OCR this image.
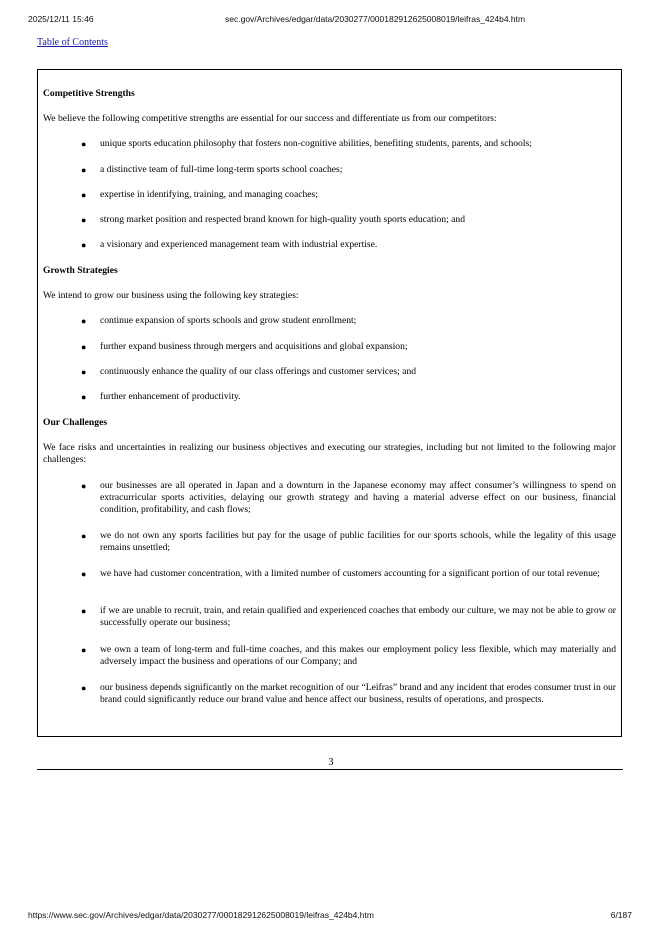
2025/12/11 15:46	sec.gov/Archives/edgar/data/2030277/000182912625008019/leifras_424b4.htm
Table of Contents
Competitive Strengths
We believe the following competitive strengths are essential for our success and differentiate us from our competitors:
● unique sports education philosophy that fosters non-cognitive abilities, benefiting students, parents, and schools;
● a distinctive team of full-time long-term sports school coaches;
● expertise in identifying, training, and managing coaches;
● strong market position and respected brand known for high-quality youth sports education; and
● a visionary and experienced management team with industrial expertise.
Growth Strategies
We intend to grow our business using the following key strategies:
● continue expansion of sports schools and grow student enrollment;
● further expand business through mergers and acquisitions and global expansion;
● continuously enhance the quality of our class offerings and customer services; and
● further enhancement of productivity.
Our Challenges
We face risks and uncertainties in realizing our business objectives and executing our strategies, including but not limited to the following major challenges:
● our businesses are all operated in Japan and a downturn in the Japanese economy may affect consumer’s willingness to spend on extracurricular sports activities, delaying our growth strategy and having a material adverse effect on our business, financial condition, profitability, and cash flows;
● we do not own any sports facilities but pay for the usage of public facilities for our sports schools, while the legality of this usage remains unsettled;
● we have had customer concentration, with a limited number of customers accounting for a significant portion of our total revenue;
● if we are unable to recruit, train, and retain qualified and experienced coaches that embody our culture, we may not be able to grow or successfully operate our business;
● we own a team of long-term and full-time coaches, and this makes our employment policy less flexible, which may materially and adversely impact the business and operations of our Company; and
● our business depends significantly on the market recognition of our “Leifras” brand and any incident that erodes consumer trust in our brand could significantly reduce our brand value and hence affect our business, results of operations, and prospects.
3
https://www.sec.gov/Archives/edgar/data/2030277/000182912625008019/leifras_424b4.htm	6/187
